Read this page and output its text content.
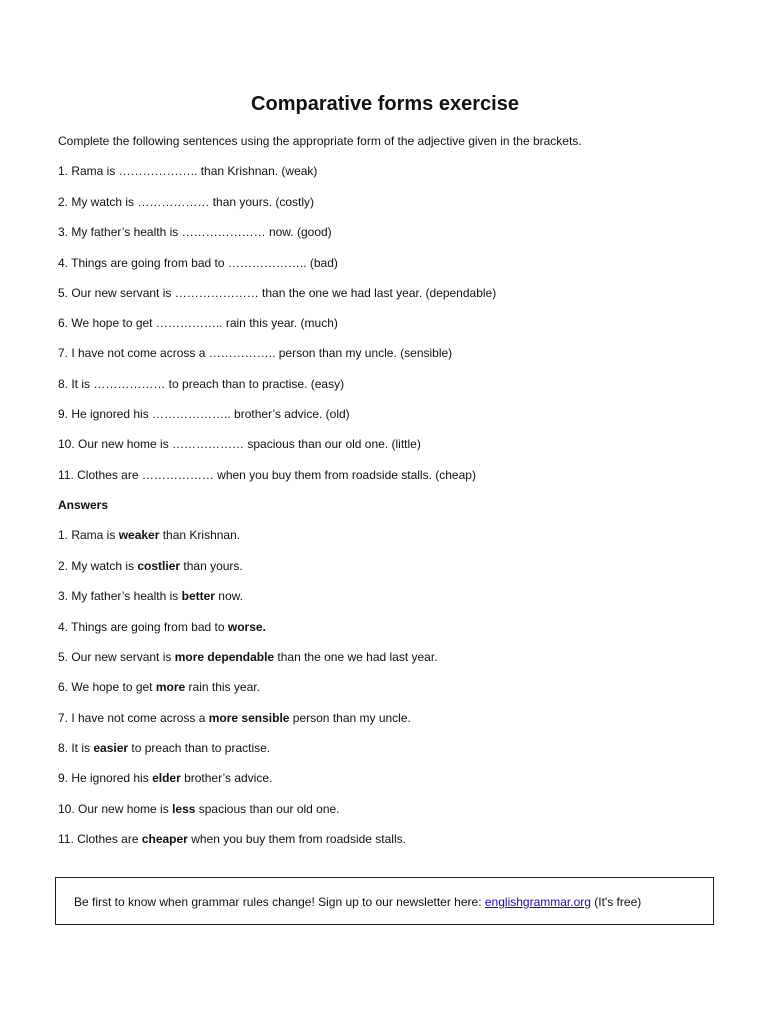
Comparative forms exercise
Complete the following sentences using the appropriate form of the adjective given in the brackets.
1. Rama is ……………….. than Krishnan. (weak)
2. My watch is ……………… than yours. (costly)
3. My father’s health is ………………… now. (good)
4. Things are going from bad to ……………….. (bad)
5. Our new servant is ………………… than the one we had last year. (dependable)
6. We hope to get …………….. rain this year. (much)
7. I have not come across a …………….. person than my uncle. (sensible)
8. It is ……………… to preach than to practise. (easy)
9. He ignored his ……………….. brother’s advice. (old)
10. Our new home is ……………… spacious than our old one. (little)
11. Clothes are ……………… when you buy them from roadside stalls. (cheap)
Answers
1. Rama is weaker than Krishnan.
2. My watch is costlier than yours.
3. My father’s health is better now.
4. Things are going from bad to worse.
5. Our new servant is more dependable than the one we had last year.
6. We hope to get more rain this year.
7. I have not come across a more sensible person than my uncle.
8. It is easier to preach than to practise.
9. He ignored his elder brother’s advice.
10. Our new home is less spacious than our old one.
11. Clothes are cheaper when you buy them from roadside stalls.
Be first to know when grammar rules change! Sign up to our newsletter here: englishgrammar.org (It's free)
